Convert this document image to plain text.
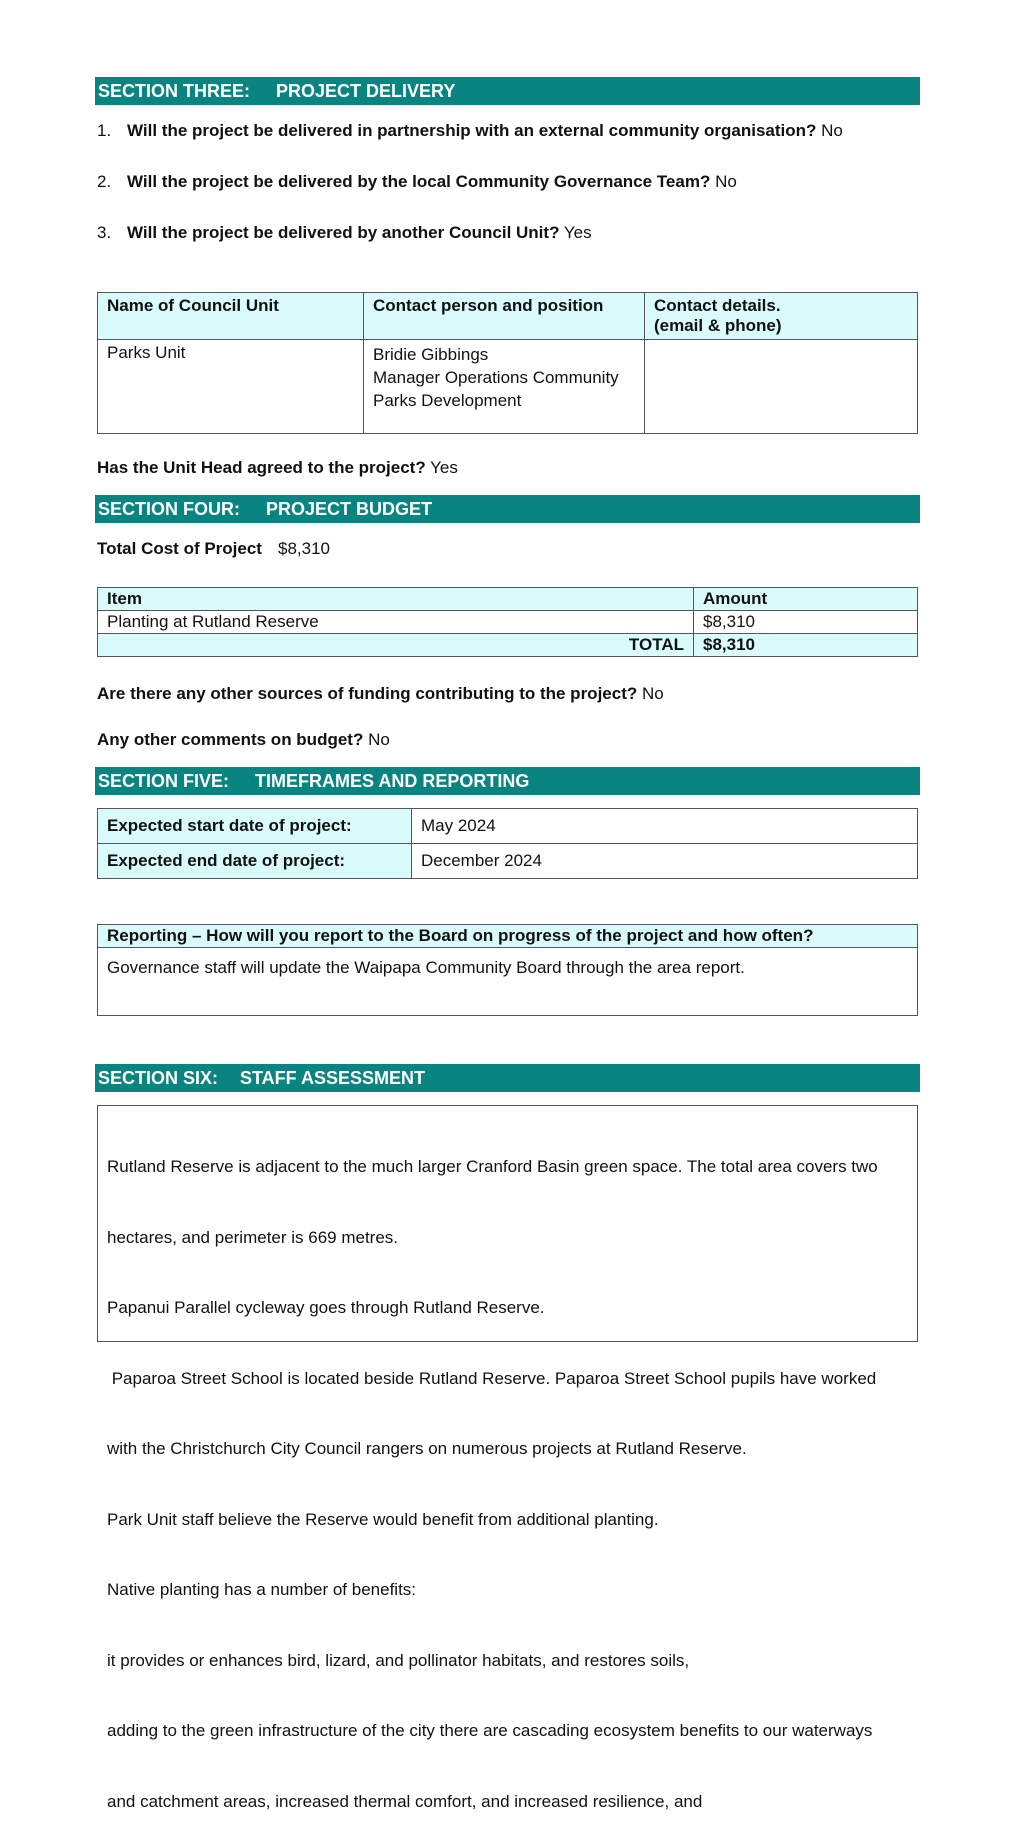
SECTION THREE: PROJECT DELIVERY
1. Will the project be delivered in partnership with an external community organisation? No
2. Will the project be delivered by the local Community Governance Team? No
3. Will the project be delivered by another Council Unit? Yes
Name of Council Unit	Contact person and position	Contact details.
(email & phone)

Parks Unit	Bridie Gibbings
Manager Operations Community
Parks Development	

Has the Unit Head agreed to the project? Yes
SECTION FOUR: PROJECT BUDGET
Total Cost of Project $8,310
Item	Amount
Planting at Rutland Reserve	$8,310
TOTAL	$8,310
Are there any other sources of funding contributing to the project? No
Any other comments on budget? No
SECTION FIVE: TIMEFRAMES AND REPORTING
Expected start date of project:	May 2024
Expected end date of project:	December 2024
Reporting – How will you report to the Board on progress of the project and how often?
Governance staff will update the Waipapa Community Board through the area report.
SECTION SIX: STAFF ASSESSMENT

Rutland Reserve is adjacent to the much larger Cranford Basin green space. The total area covers two

hectares, and perimeter is 669 metres.

Papanui Parallel cycleway goes through Rutland Reserve.

Paparoa Street School is located beside Rutland Reserve. Paparoa Street School pupils have worked

with the Christchurch City Council rangers on numerous projects at Rutland Reserve.

Park Unit staff believe the Reserve would benefit from additional planting.

Native planting has a number of benefits:

it provides or enhances bird, lizard, and pollinator habitats, and restores soils,

adding to the green infrastructure of the city there are cascading ecosystem benefits to our waterways

and catchment areas, increased thermal comfort, and increased resilience, and
